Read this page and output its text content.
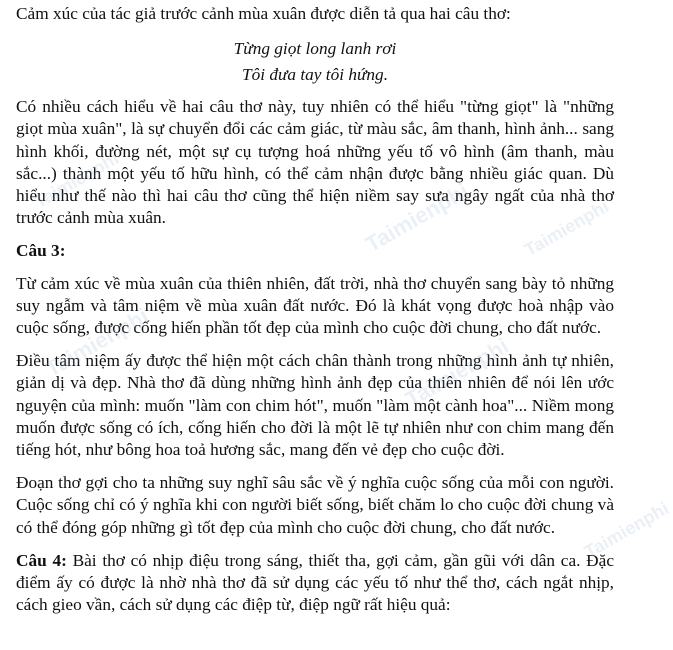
Cảm xúc của tác giả trước cảnh mùa xuân được diễn tả qua hai câu thơ:

Từng giọt long lanh rơi

Tôi đưa tay tôi hứng.

Có nhiều cách hiểu về hai câu thơ này, tuy nhiên có thể hiểu "từng giọt" là "những giọt mùa xuân", là sự chuyển đổi các cảm giác, từ màu sắc, âm thanh, hình ảnh... sang hình khối, đường nét, một sự cụ tượng hoá những yếu tố vô hình (âm thanh, màu sắc...) thành một yếu tố hữu hình, có thể cảm nhận được bằng nhiều giác quan. Dù hiểu như thế nào thì hai câu thơ cũng thể hiện niềm say sưa ngây ngất của nhà thơ trước cảnh mùa xuân.

Câu 3:

Từ cảm xúc về mùa xuân của thiên nhiên, đất trời, nhà thơ chuyển sang bày tỏ những suy ngẫm và tâm niệm về mùa xuân đất nước. Đó là khát vọng được hoà nhập vào cuộc sống, được cống hiến phần tốt đẹp của mình cho cuộc đời chung, cho đất nước.

Điều tâm niệm ấy được thể hiện một cách chân thành trong những hình ảnh tự nhiên, giản dị và đẹp. Nhà thơ đã dùng những hình ảnh đẹp của thiên nhiên để nói lên ước nguyện của mình: muốn "làm con chim hót", muốn "làm một cành hoa"... Niềm mong muốn được sống có ích, cống hiến cho đời là một lẽ tự nhiên như con chim mang đến tiếng hót, như bông hoa toả hương sắc, mang đến vẻ đẹp cho cuộc đời.

Đoạn thơ gợi cho ta những suy nghĩ sâu sắc về ý nghĩa cuộc sống của mỗi con người. Cuộc sống chỉ có ý nghĩa khi con người biết sống, biết chăm lo cho cuộc đời chung và có thể đóng góp những gì tốt đẹp của mình cho cuộc đời chung, cho đất nước.

Câu 4: Bài thơ có nhịp điệu trong sáng, thiết tha, gợi cảm, gần gũi với dân ca. Đặc điểm ấy có được là nhờ nhà thơ đã sử dụng các yếu tố như thể thơ, cách ngắt nhịp, cách gieo vần, cách sử dụng các điệp từ, điệp ngữ rất hiệu quả:

Taimienphi	Taimienphi
Taimienphi	Taimienphi
Taimienphi
Taimienphi
